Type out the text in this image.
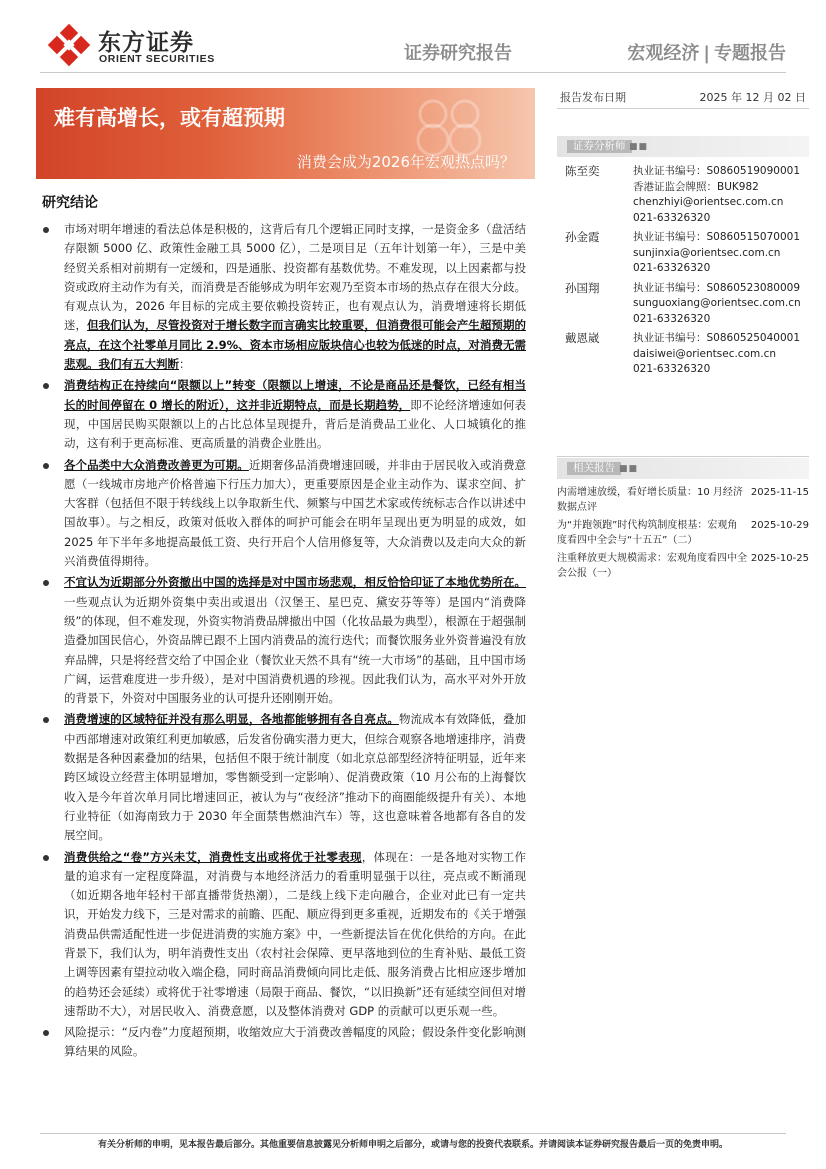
东方证券
ORIENT SECURITIES	证券研究报告	宏观经济 | 专题报告
难有高增长，或有超预期
消费会成为2026年宏观热点吗？
报告发布日期	2025 年 12 月 02 日
证券分析师 ■■
陈至奕	执业证书编号：S0860519090001
香港证监会牌照：BUK982
chenzhiyi@orientsec.com.cn
021-63326320
孙金霞	执业证书编号：S0860515070001
sunjinxia@orientsec.com.cn
021-63326320
孙国翔	执业证书编号：S0860523080009
sunguoxiang@orientsec.com.cn
021-63326320
戴恩崴	执业证书编号：S0860525040001
daisiwei@orientsec.com.cn
021-63326320
相关报告 ■■
内需增速放缓，看好增长质量：10 月经济数据点评
2025-11-15
为“并跑领跑”时代构筑制度根基：宏观角度看四中全会与“十五五”（二）
2025-10-29
注重释放更大规模需求：宏观角度看四中全会公报（一）
2025-10-25
研究结论
市场对明年增速的看法总体是积极的，这背后有几个逻辑正同时支撑，一是资金多（盘活结存限额 5000 亿、政策性金融工具 5000 亿），二是项目足（五年计划第一年），三是中美经贸关系相对前期有一定缓和，四是通胀、投资都有基数优势。不难发现，以上因素都与投资或政府主动作为有关，而消费是否能够成为明年宏观乃至资本市场的热点存在很大分歧。有观点认为，2026 年目标的完成主要依赖投资转正，也有观点认为，消费增速将长期低迷，但我们认为，尽管投资对于增长数字而言确实比较重要，但消费很可能会产生超预期的亮点，在这个社零单月同比 2.9%、资本市场相应版块信心也较为低迷的时点，对消费无需悲观。我们有五大判断：
消费结构正在持续向“限额以上”转变（限额以上增速，不论是商品还是餐饮，已经有相当长的时间停留在 0 增长的附近），这并非近期特点，而是长期趋势，即不论经济增速如何表现，中国居民购买限额以上的占比总体呈现提升，背后是消费品工业化、人口城镇化的推动，这有利于更高标准、更高质量的消费企业胜出。
各个品类中大众消费改善更为可期。近期奢侈品消费增速回暖，并非由于居民收入或消费意愿（一线城市房地产价格普遍下行压力加大），更重要原因是企业主动作为、谋求空间、扩大客群（包括但不限于转线线上以争取新生代、频繁与中国艺术家或传统标志合作以讲述中国故事）。与之相反，政策对低收入群体的呵护可能会在明年呈现出更为明显的成效，如 2025 年下半年多地提高最低工资、央行开启个人信用修复等，大众消费以及走向大众的新兴消费值得期待。
不宜认为近期部分外资撤出中国的选择是对中国市场悲观，相反恰恰印证了本地优势所在。一些观点认为近期外资集中卖出或退出（汉堡王、星巴克、黛安芬等等）是国内“消费降级”的体现，但不难发现，外资实物消费品牌撤出中国（化妆品最为典型），根源在于超强制造叠加国民信心，外资品牌已跟不上国内消费品的流行迭代；而餐饮服务业外资普遍没有放弃品牌，只是将经营交给了中国企业（餐饮业天然不具有“统一大市场”的基础，且中国市场广阔，运营难度进一步升级），是对中国消费机遇的珍视。因此我们认为，高水平对外开放的背景下，外资对中国服务业的认可提升还刚刚开始。
消费增速的区域特征并没有那么明显，各地都能够拥有各自亮点。物流成本有效降低，叠加中西部增速对政策红利更加敏感，后发省份确实潜力更大，但综合观察各地增速排序，消费数据是各种因素叠加的结果，包括但不限于统计制度（如北京总部型经济特征明显，近年来跨区域设立经营主体明显增加，零售额受到一定影响）、促消费政策（10 月公布的上海餐饮收入是今年首次单月同比增速回正，被认为与“夜经济”推动下的商圈能级提升有关）、本地行业特征（如海南致力于 2030 年全面禁售燃油汽车）等，这也意味着各地都有各自的发展空间。
消费供给之“卷”方兴未艾，消费性支出或将优于社零表现，体现在：一是各地对实物工作量的追求有一定程度降温，对消费与本地经济活力的看重明显强于以往，亮点或不断涌现（如近期各地年轻村干部直播带货热潮），二是线上线下走向融合，企业对此已有一定共识，开始发力线下，三是对需求的前瞻、匹配、顺应得到更多重视，近期发布的《关于增强消费品供需适配性进一步促进消费的实施方案》中，一些新提法旨在优化供给的方向。在此背景下，我们认为，明年消费性支出（农村社会保障、更早落地到位的生育补贴、最低工资上调等因素有望拉动收入端企稳，同时商品消费倾向同比走低、服务消费占比相应逐步增加的趋势还会延续）或将优于社零增速（局限于商品、餐饮，“以旧换新”还有延续空间但对增速帮助不大），对居民收入、消费意愿，以及整体消费对 GDP 的贡献可以更乐观一些。
风险提示：“反内卷”力度超预期，收缩效应大于消费改善幅度的风险；假设条件变化影响测算结果的风险。
有关分析师的申明，见本报告最后部分。其他重要信息披露见分析师申明之后部分，或请与您的投资代表联系。并请阅读本证券研究报告最后一页的免责申明。
